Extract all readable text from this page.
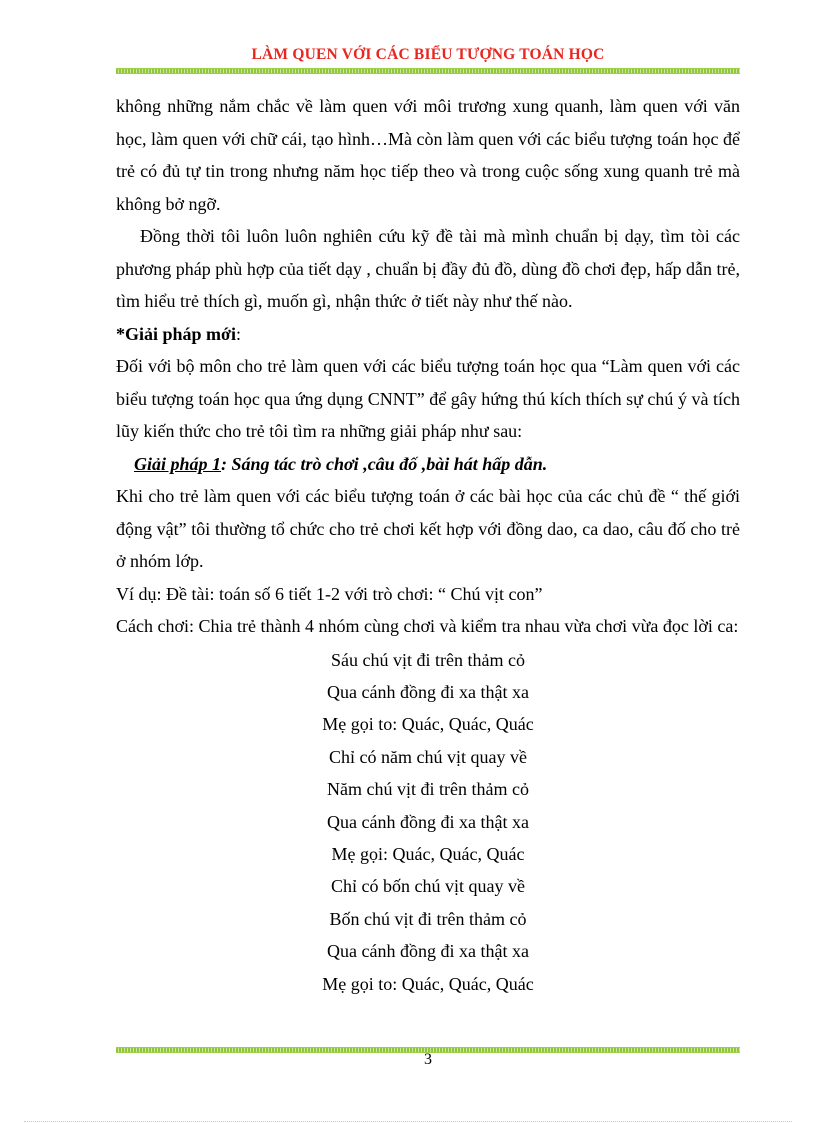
LÀM QUEN VỚI CÁC BIỂU TƯỢNG TOÁN HỌC

không những nắm chắc về làm quen với môi trương xung quanh, làm quen với văn học, làm quen với chữ cái, tạo hình…Mà còn làm quen với các biểu tượng toán học để trẻ có đủ tự tin trong nhưng năm học tiếp theo và trong cuộc sống xung quanh trẻ mà không bở ngỡ.

Đồng thời tôi luôn luôn nghiên cứu kỹ đề tài mà mình chuẩn bị dạy, tìm tòi các phương pháp phù hợp của tiết dạy , chuẩn bị đầy đủ đồ, dùng đồ chơi đẹp, hấp dẫn trẻ, tìm hiểu trẻ thích gì, muốn gì, nhận thức ở tiết này như thế nào.

*Giải pháp mới:

Đối với bộ môn cho trẻ làm quen với các biểu tượng toán học qua “Làm quen với các biểu tượng toán học qua ứng dụng CNNT” để gây hứng thú kích thích sự chú ý và tích lũy kiến thức cho trẻ tôi tìm ra những giải pháp như sau:

Giải pháp 1: Sáng tác trò chơi ,câu đố ,bài hát hấp dẫn.

Khi cho trẻ làm quen với các biểu tượng toán ở các bài học của các chủ đề “ thế giới động vật” tôi thường tổ chức cho trẻ chơi kết hợp với đồng dao, ca dao, câu đố cho trẻ ở nhóm lớp.

Ví dụ: Đề tài: toán số 6 tiết 1-2 với trò chơi: “ Chú vịt con”

Cách chơi: Chia trẻ thành 4 nhóm cùng chơi và kiểm tra nhau vừa chơi vừa đọc lời ca:

Sáu chú vịt đi trên thảm cỏ
Qua cánh đồng đi xa thật xa
Mẹ gọi to: Quác, Quác, Quác
Chỉ có năm chú vịt quay về
Năm chú vịt đi trên thảm cỏ
Qua cánh đồng đi xa thật xa
Mẹ gọi: Quác, Quác, Quác
Chỉ có bốn chú vịt quay về
Bốn chú vịt đi trên thảm cỏ
Qua cánh đồng đi xa thật xa
Mẹ gọi to: Quác, Quác, Quác
3
